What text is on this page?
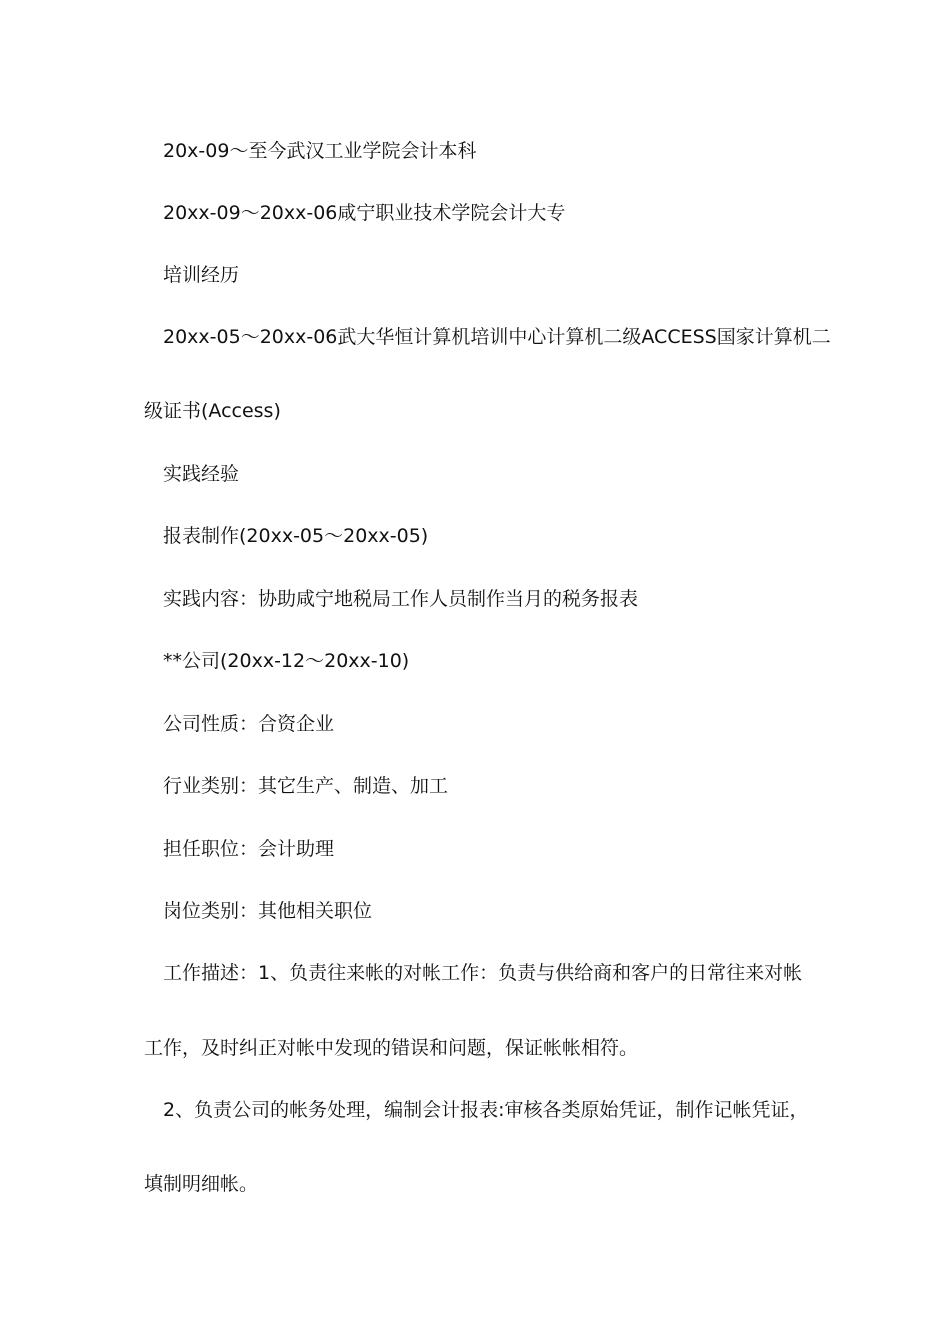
20x-09～至今武汉工业学院会计本科
20xx-09～20xx-06咸宁职业技术学院会计大专
培训经历
20xx-05～20xx-06武大华恒计算机培训中心计算机二级ACCESS国家计算机二
级证书(Access)
实践经验
报表制作(20xx-05～20xx-05)
实践内容：协助咸宁地税局工作人员制作当月的税务报表
**公司(20xx-12～20xx-10)
公司性质：合资企业
行业类别：其它生产、制造、加工
担任职位：会计助理
岗位类别：其他相关职位
工作描述：1、负责往来帐的对帐工作：负责与供给商和客户的日常往来对帐
工作，及时纠正对帐中发现的错误和问题，保证帐帐相符。
2、负责公司的帐务处理，编制会计报表:审核各类原始凭证，制作记帐凭证，
填制明细帐。
